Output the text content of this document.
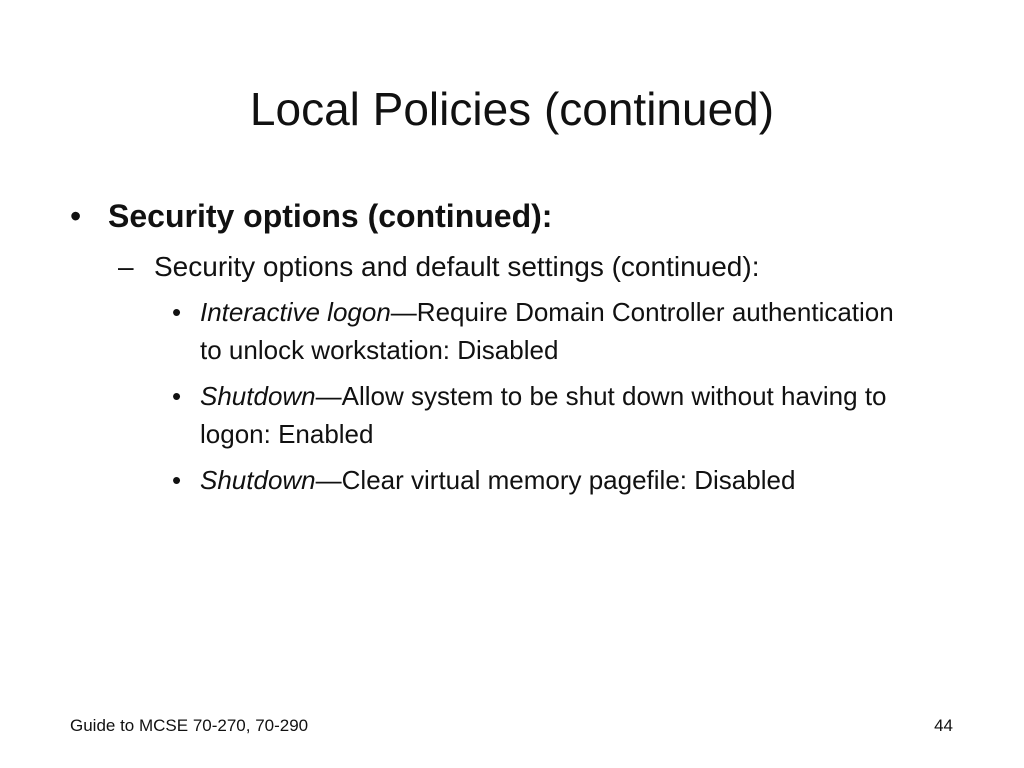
Local Policies (continued)
• Security options (continued):
– Security options and default settings (continued):
• Interactive logon—Require Domain Controller authentication to unlock workstation: Disabled
• Shutdown—Allow system to be shut down without having to logon: Enabled
• Shutdown—Clear virtual memory pagefile: Disabled
Guide to MCSE 70-270, 70-290	44
